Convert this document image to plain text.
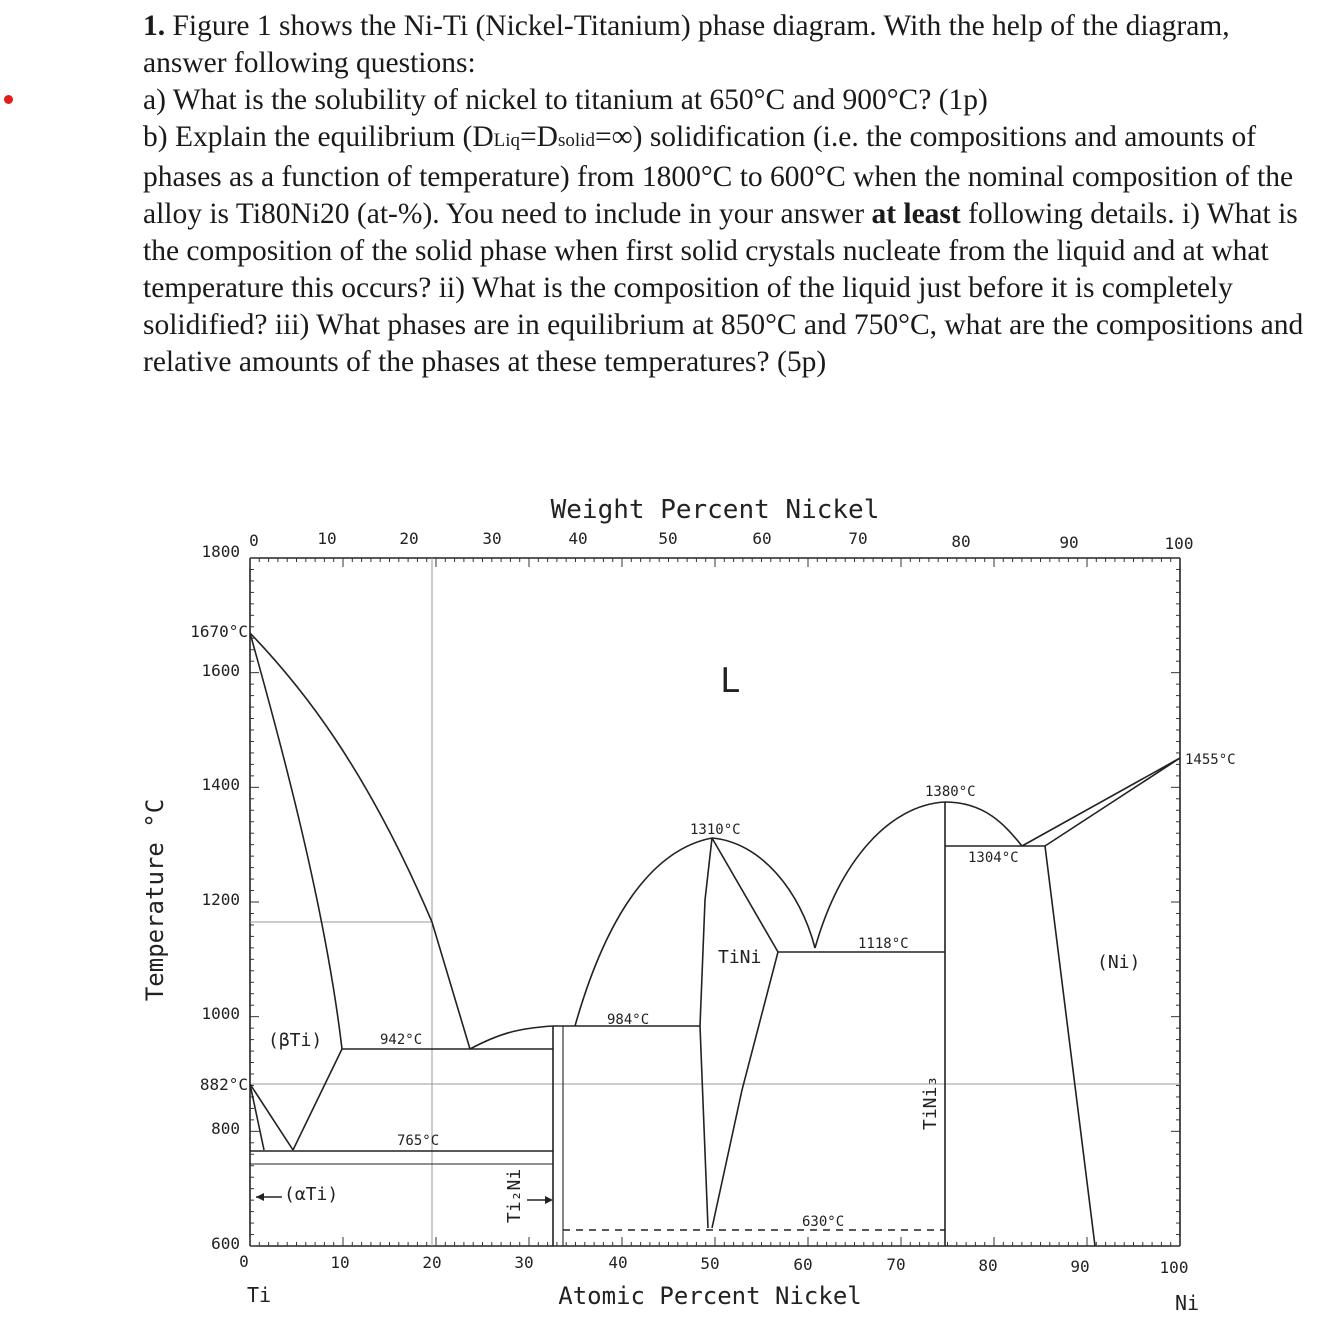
1. Figure 1 shows the Ni-Ti (Nickel-Titanium) phase diagram. With the help of the diagram, answer following questions:

a) What is the solubility of nickel to titanium at 650°C and 900°C? (1p)

b) Explain the equilibrium (DLiq=Dsolid=∞) solidification (i.e. the compositions and amounts of phases as a function of temperature) from 1800°C to 600°C when the nominal composition of the alloy is Ti80Ni20 (at-%). You need to include in your answer at least following details. i) What is the composition of the solid phase when first solid crystals nucleate from the liquid and at what temperature this occurs? ii) What is the composition of the liquid just before it is completely solidified? iii) What phases are in equilibrium at 850°C and 750°C, what are the compositions and relative amounts of the phases at these temperatures? (5p)

Weight Percent Nickel
0	10	20	30	40	50	60	70	80	90	100
1800
1670°C
1600
1400
1200
1000
882°C
800
600
Temperature °C
0	10	20	30	40	50	60	70	80	90	100
Atomic Percent Nickel
Ti	Ni
L
(βTi)
(αTi)	Ti₂Ni
TiNi
TiNi₃
(Ni)
1455°C
1380°C
1310°C
1304°C
1118°C
984°C
942°C
765°C
630°C
